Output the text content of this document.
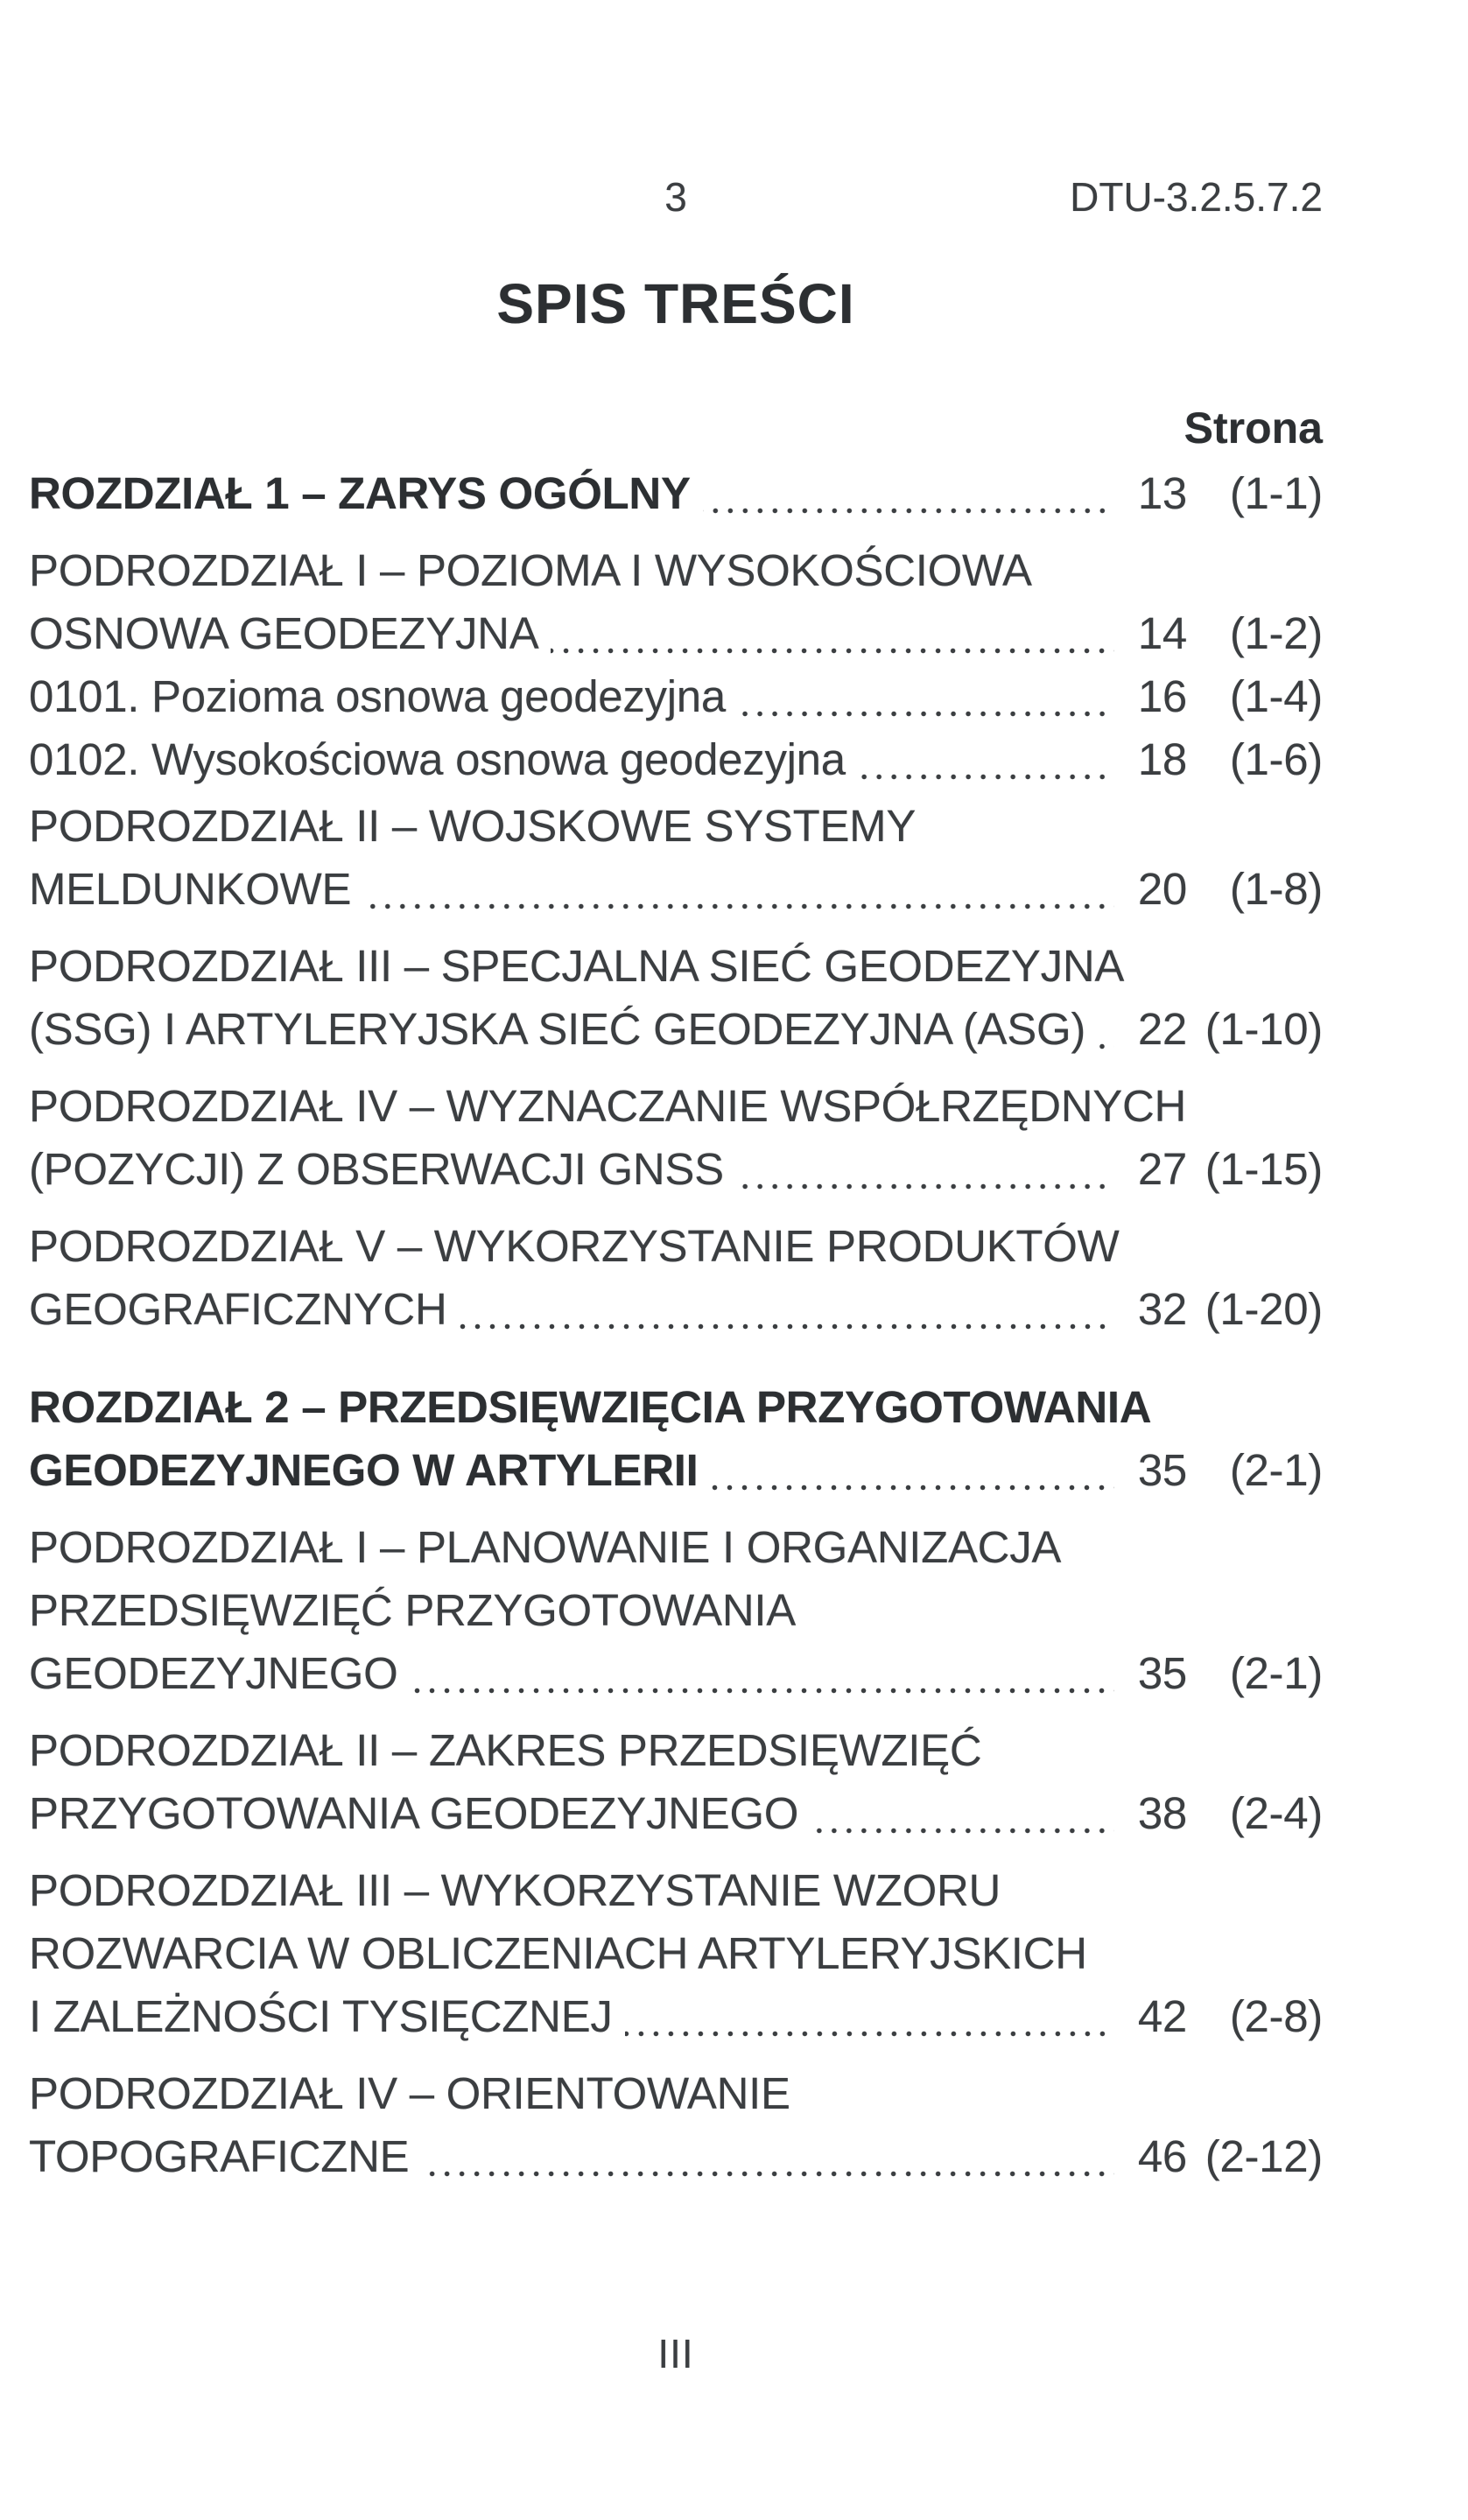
3	DTU-3.2.5.7.2
SPIS TREŚCI
Strona
ROZDZIAŁ 1 – ZARYS OGÓLNY	13 (1-1)
PODROZDZIAŁ I – POZIOMA I WYSOKOŚCIOWA
OSNOWA GEODEZYJNA	14 (1-2)
0101. Pozioma osnowa geodezyjna	16 (1-4)
0102. Wysokościowa osnowa geodezyjna	18 (1-6)
PODROZDZIAŁ II – WOJSKOWE SYSTEMY
MELDUNKOWE	20 (1-8)
PODROZDZIAŁ III – SPECJALNA SIEĆ GEODEZYJNA
(SSG) I ARTYLERYJSKA SIEĆ GEODEZYJNA (ASG)	22 (1-10)
PODROZDZIAŁ IV – WYZNACZANIE WSPÓŁRZĘDNYCH
(POZYCJI) Z OBSERWACJI GNSS	27 (1-15)
PODROZDZIAŁ V – WYKORZYSTANIE PRODUKTÓW
GEOGRAFICZNYCH	32 (1-20)
ROZDZIAŁ 2 – PRZEDSIĘWZIĘCIA PRZYGOTOWANIA
GEODEZYJNEGO W ARTYLERII	35 (2-1)
PODROZDZIAŁ I – PLANOWANIE I ORGANIZACJA
PRZEDSIĘWZIĘĆ PRZYGOTOWANIA
GEODEZYJNEGO	35 (2-1)
PODROZDZIAŁ II – ZAKRES PRZEDSIĘWZIĘĆ
PRZYGOTOWANIA GEODEZYJNEGO	38 (2-4)
PODROZDZIAŁ III – WYKORZYSTANIE WZORU
ROZWARCIA W OBLICZENIACH ARTYLERYJSKICH
I ZALEŻNOŚCI TYSIĘCZNEJ	42 (2-8)
PODROZDZIAŁ IV – ORIENTOWANIE
TOPOGRAFICZNE	46 (2-12)
III
